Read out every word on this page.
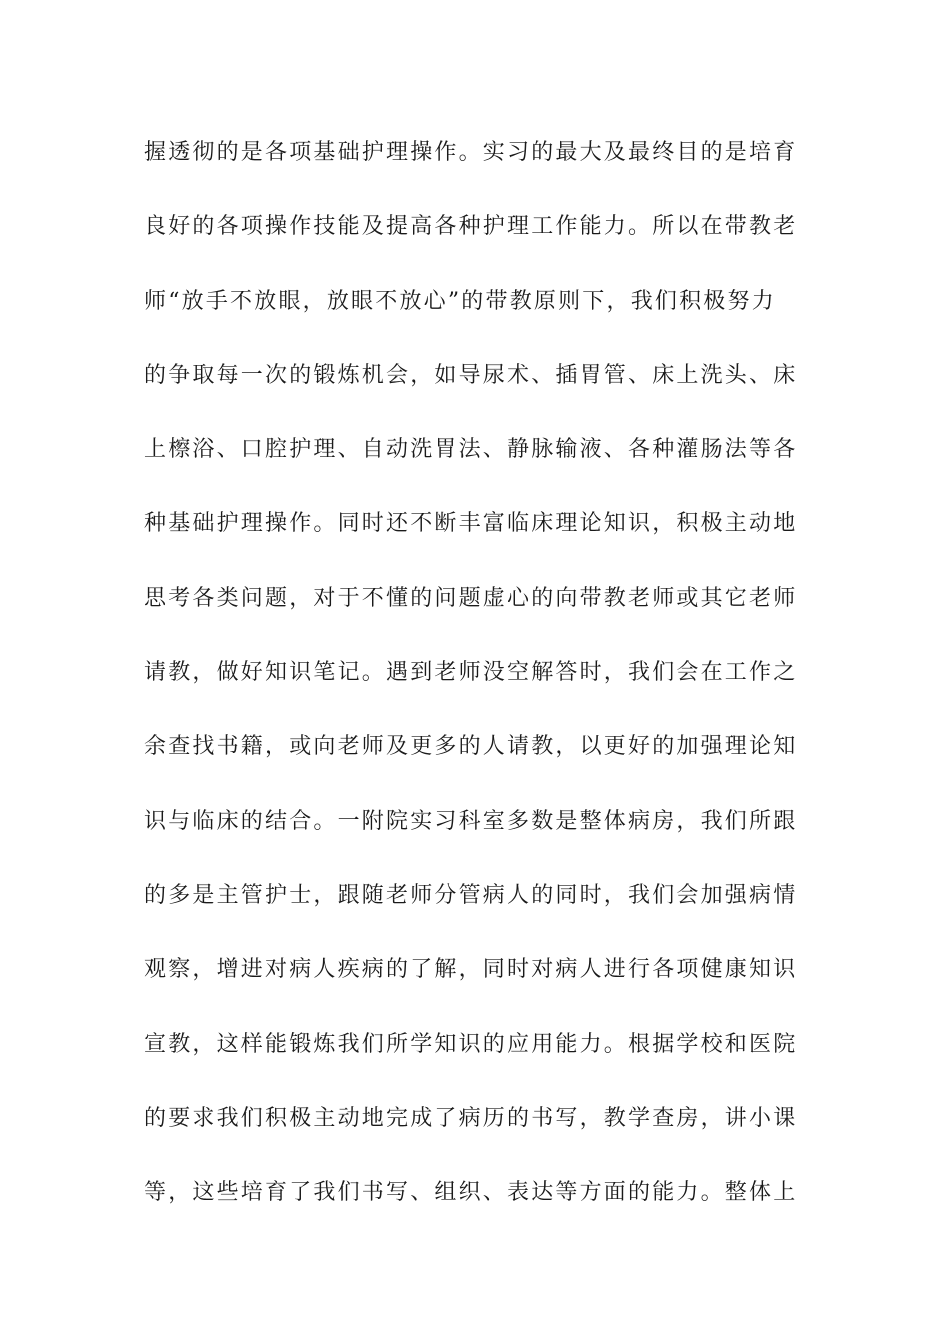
握透彻的是各项基础护理操作。实习的最大及最终目的是培育
良好的各项操作技能及提高各种护理工作能力。所以在带教老
师“放手不放眼，放眼不放心”的带教原则下，我们积极努力
的争取每一次的锻炼机会，如导尿术、插胃管、床上洗头、床
上檫浴、口腔护理、自动洗胃法、静脉输液、各种灌肠法等各
种基础护理操作。同时还不断丰富临床理论知识，积极主动地
思考各类问题，对于不懂的问题虚心的向带教老师或其它老师
请教，做好知识笔记。遇到老师没空解答时，我们会在工作之
余查找书籍，或向老师及更多的人请教，以更好的加强理论知
识与临床的结合。一附院实习科室多数是整体病房，我们所跟
的多是主管护士，跟随老师分管病人的同时，我们会加强病情
观察，增进对病人疾病的了解，同时对病人进行各项健康知识
宣教，这样能锻炼我们所学知识的应用能力。根据学校和医院
的要求我们积极主动地完成了病历的书写，教学查房，讲小课
等，这些培育了我们书写、组织、表达等方面的能力。整体上
